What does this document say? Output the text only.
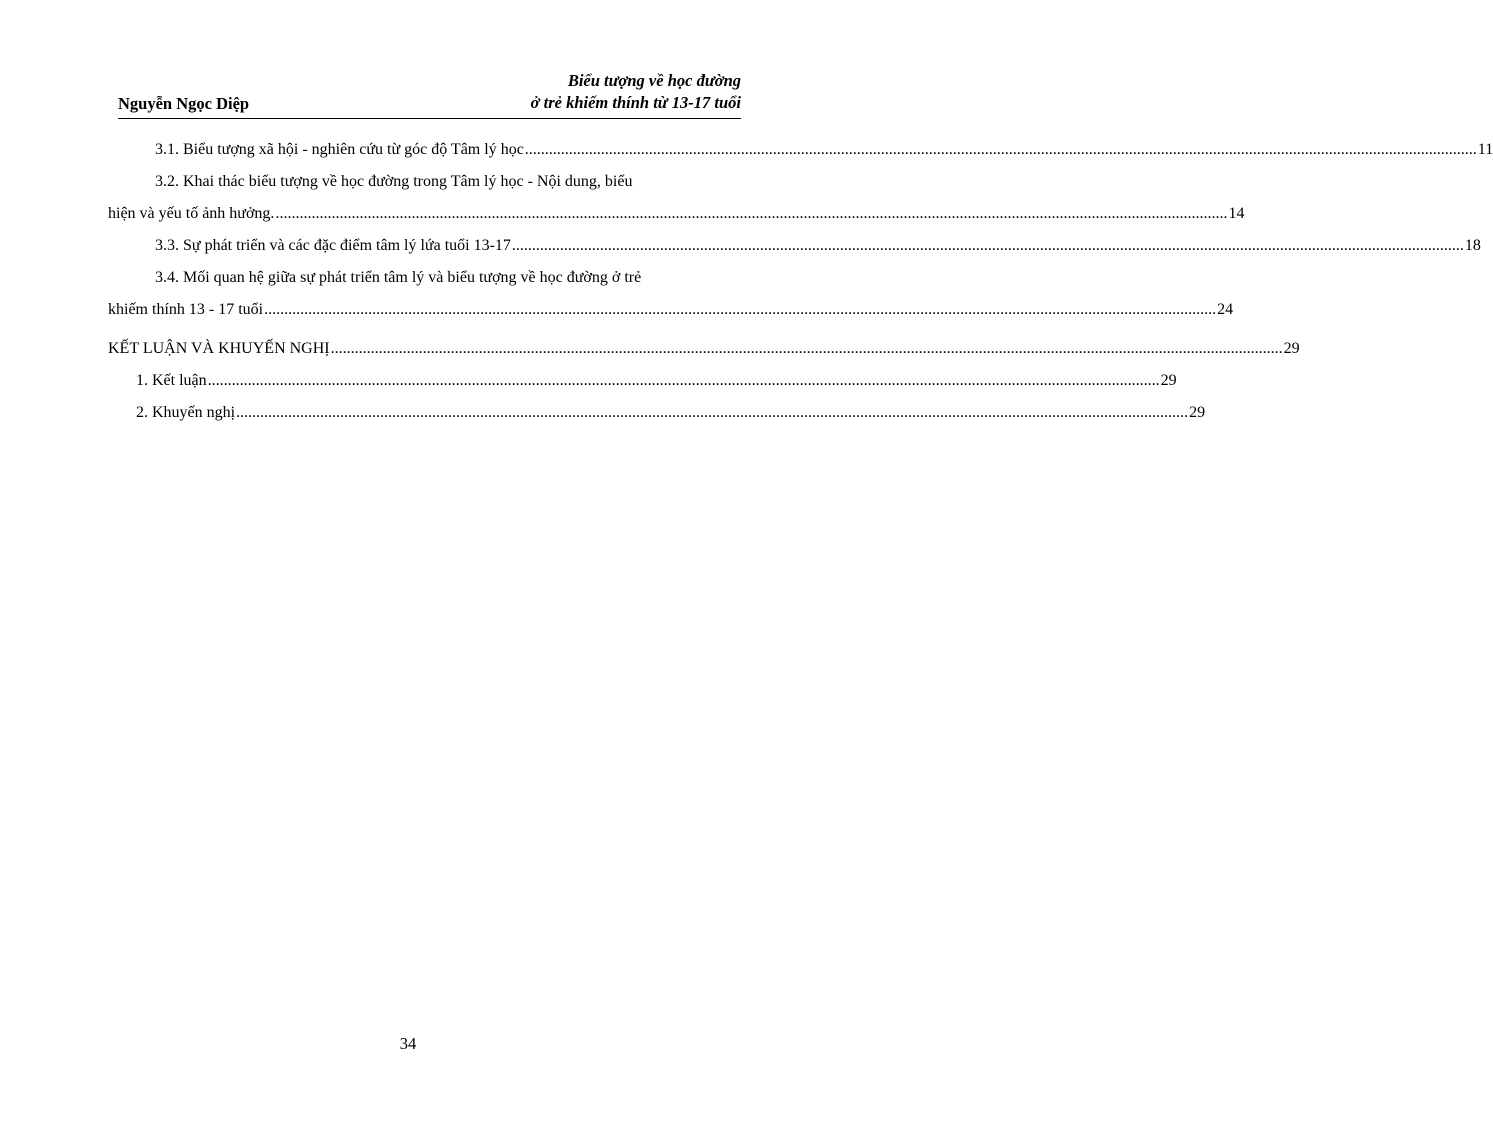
Nguyễn Ngọc Diệp
Biểu tượng về học đường
ở trẻ khiếm thính từ 13-17 tuổi
3.1. Biểu tượng xã hội - nghiên cứu từ góc độ Tâm lý học .............................................................................................................................................................................................................................................. 11
3.2. Khai thác biểu tượng về học đường trong Tâm lý học - Nội dung, biểu
hiện và yếu tố ảnh hưởng. .............................................................................................................................................................................................................................................. 14
3.3. Sự phát triển và các đặc điểm tâm lý lứa tuổi 13-17 .............................................................................................................................................................................................................................................. 18
3.4. Mối quan hệ giữa sự phát triển tâm lý và biểu tượng về học đường ở trẻ
khiếm thính 13 - 17 tuổi .............................................................................................................................................................................................................................................. 24
KẾT LUẬN VÀ KHUYẾN NGHỊ .............................................................................................................................................................................................................................................. 29
1. Kết luận .............................................................................................................................................................................................................................................. 29
2. Khuyến nghị .............................................................................................................................................................................................................................................. 29
34
